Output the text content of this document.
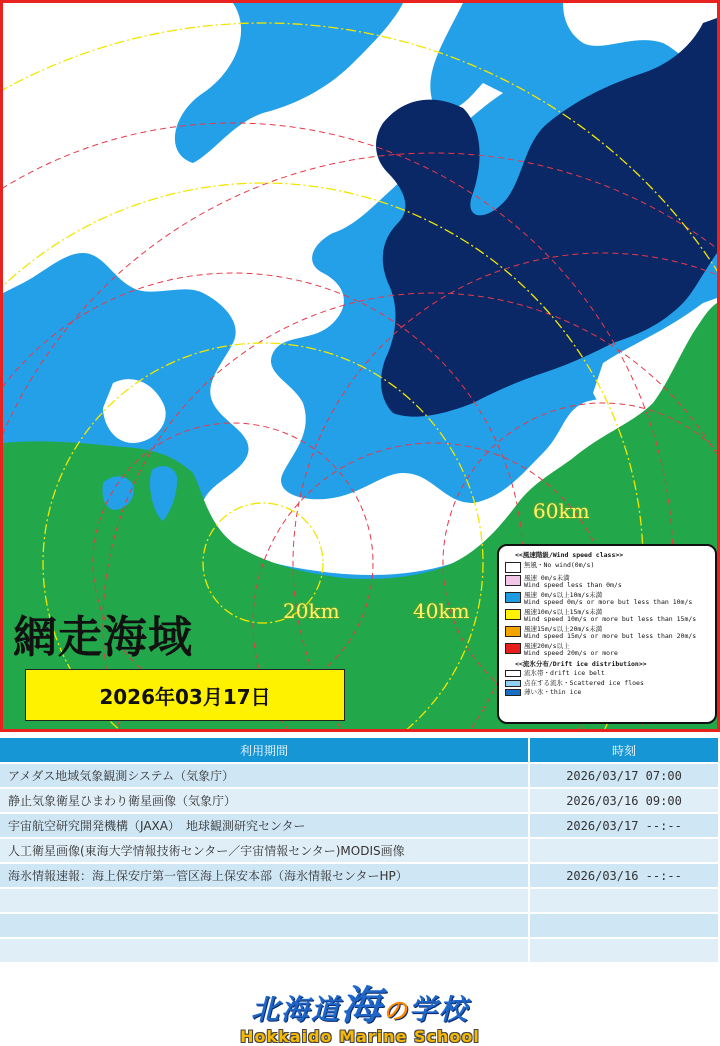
網走海域
2026年03月17日
20km	40km
60km
<<風速階級/Wind speed class>>
無風・No wind(0m/s)
風速 0m/s未満
Wind speed less than 0m/s
風速 0m/s以上10m/s未満
Wind speed 0m/s or more but less than 10m/s
風速10m/s以上15m/s未満
Wind speed 10m/s or more but less than 15m/s
風速15m/s以上20m/s未満
Wind speed 15m/s or more but less than 20m/s
風速20m/s以上
Wind speed 20m/s or more
<<流氷分布/Drift ice distribution>>
流氷帯・drift ice belt
点在する流氷・Scattered ice floes
薄い氷・thin ice
利用期間	時刻
アメダス地域気象観測システム（気象庁）	2026/03/17 07:00
静止気象衛星ひまわり衛星画像（気象庁）	2026/03/16 09:00
宇宙航空研究開発機構（JAXA）　地球観測研究センター	2026/03/17 --:--
人工衛星画像(東海大学情報技術センター／宇宙情報センター)MODIS画像	
海氷情報速報：海上保安庁第一管区海上保安本部（海氷情報センターHP）	2026/03/16 --:--

北海道海の学校
Hokkaido Marine School
